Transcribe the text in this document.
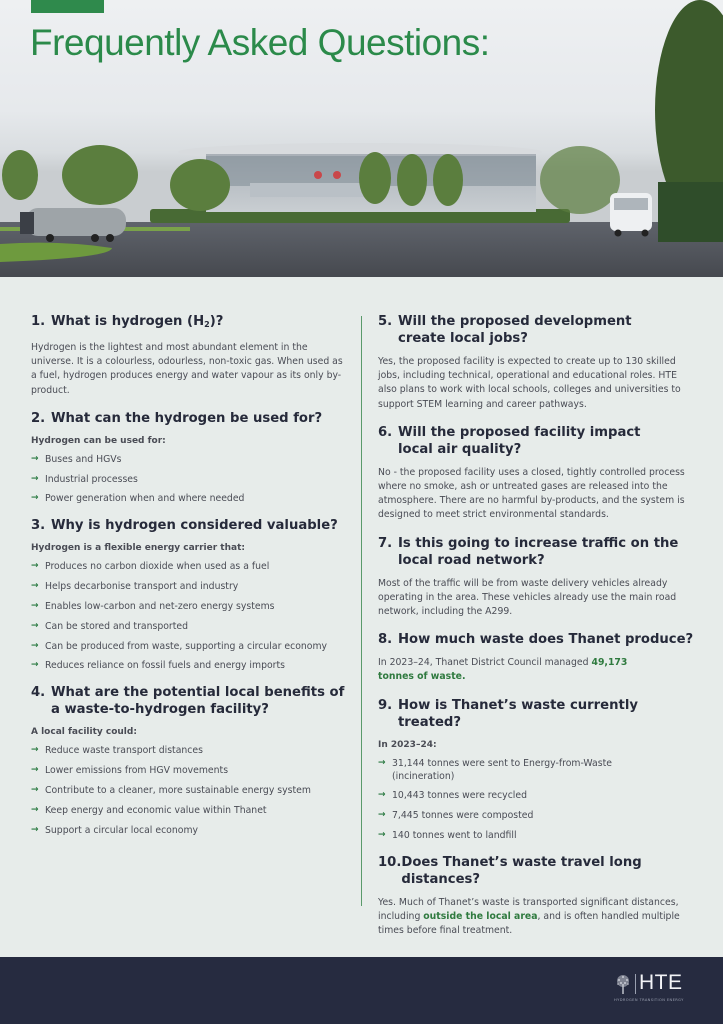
Frequently Asked Questions:
1. What is hydrogen $(H_2)$?

Hydrogen is the lightest and most abundant element in the universe. It is a colourless, odourless, non-toxic gas. When used as a fuel, hydrogen produces energy and water vapour as its only by-product.

2. What can the hydrogen be used for?

Hydrogen can be used for:

→ Buses and HGVs
→ Industrial processes
→ Power generation when and where needed
3. Why is hydrogen considered valuable?

Hydrogen is a flexible energy carrier that:

→ Produces no carbon dioxide when used as a fuel
→ Helps decarbonise transport and industry
→ Enables low-carbon and net-zero energy systems
→ Can be stored and transported
→ Can be produced from waste, supporting a circular economy
→ Reduces reliance on fossil fuels and energy imports
4. What are the potential local benefits of a waste-to-hydrogen facility?

A local facility could:

→ Reduce waste transport distances
→ Lower emissions from HGV movements
→ Contribute to a cleaner, more sustainable energy system
→ Keep energy and economic value within Thanet
→ Support a circular local economy
5. Will the proposed development create local jobs?

Yes, the proposed facility is expected to create up to 130 skilled jobs, including technical, operational and educational roles. HTE also plans to work with local schools, colleges and universities to support STEM learning and career pathways.

6. Will the proposed facility impact local air quality?

No - the proposed facility uses a closed, tightly controlled process where no smoke, ash or untreated gases are released into the atmosphere. There are no harmful by-products, and the system is designed to meet strict environmental standards.

7. Is this going to increase traffic on the local road network?

Most of the traffic will be from waste delivery vehicles already operating in the area. These vehicles already use the main road network, including the A299.

8. How much waste does Thanet produce?

In 2023–24, Thanet District Council managed 49,173 tonnes of waste.

9. How is Thanet’s waste currently treated?

In 2023–24:

→ 31,144 tonnes were sent to Energy-from-Waste (incineration)
→ 10,443 tonnes were recycled
→ 7,445 tonnes were composted
→ 140 tonnes went to landfill
10. Does Thanet’s waste travel long distances?

Yes. Much of Thanet’s waste is transported significant distances, including outside the local area, and is often handled multiple times before final treatment.

HTE
HYDROGEN TRANSITION ENERGY
